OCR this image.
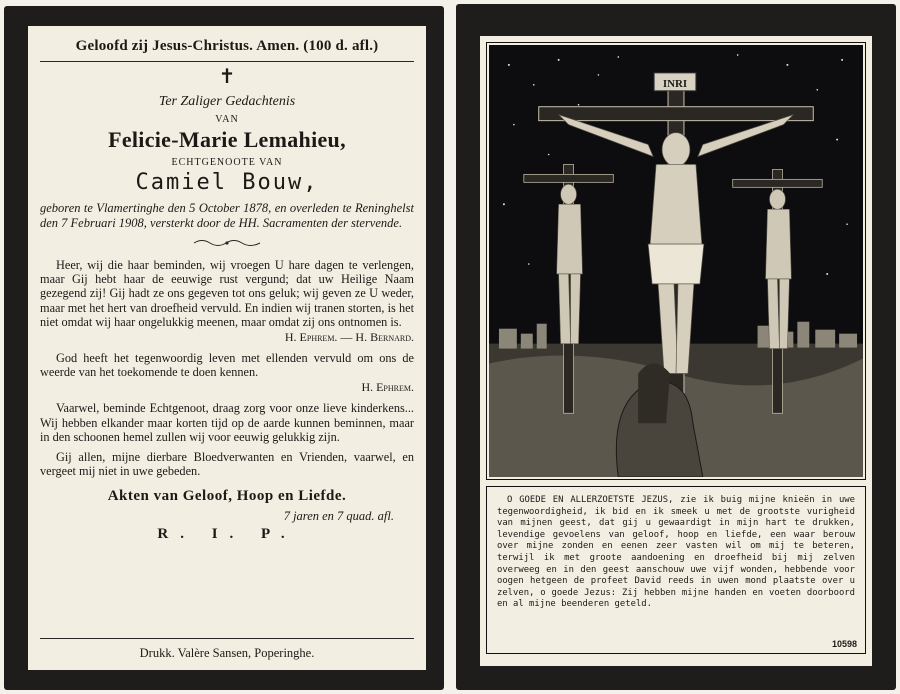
Geloofd zij Jesus-Christus. Amen. (100 d. afl.)
✝
Ter Zaliger Gedachtenis
VAN
Felicie-Marie Lemahieu,
ECHTGENOOTE VAN
Camiel Bouw,
geboren te Vlamertinghe den 5 October 1878, en overleden te Reninghelst den 7 Februari 1908, versterkt door de HH. Sacramenten der stervende.

Heer, wij die haar beminden, wij vroegen U hare dagen te verlengen, maar Gij hebt haar de eeuwige rust vergund; dat uw Heilige Naam gezegend zij! Gij hadt ze ons gegeven tot ons geluk; wij geven ze U weder, maar met het hert van droefheid vervuld. En indien wij tranen storten, is het niet omdat wij haar ongelukkig meenen, maar omdat zij ons ontnomen is.

H. Ephrem. — H. Bernard.

God heeft het tegenwoordig leven met ellenden vervuld om ons de weerde van het toekomende te doen kennen.

H. Ephrem.

Vaarwel, beminde Echtgenoot, draag zorg voor onze lieve kinderkens... Wij hebben elkander maar korten tijd op de aarde kunnen beminnen, maar in den schoonen hemel zullen wij voor eeuwig gelukkig zijn.

Gij allen, mijne dierbare Bloedverwanten en Vrienden, vaarwel, en vergeet mij niet in uwe gebeden.

Akten van Geloof, Hoop en Liefde.
7 jaren en 7 quad. afl.
R. I. P.
Drukk. Valère Sansen, Poperinghe.
INRI

O GOEDE EN ALLERZOETSTE JEZUS, zie ik buig mijne knieën in uwe tegenwoordigheid, ik bid en ik smeek u met de grootste vurigheid van mijnen geest, dat gij u gewaardigt in mijn hart te drukken, levendige gevoelens van geloof, hoop en liefde, een waar berouw over mijne zonden en eenen zeer vasten wil om mij te beteren, terwijl ik met groote aandoening en droefheid bij mij zelven overweeg en in den geest aanschouw uwe vijf wonden, hebbende voor oogen hetgeen de profeet David reeds in uwen mond plaatste over u zelven, o goede Jezus: Zij hebben mijne handen en voeten doorboord en al mijne beenderen geteld.

10598
